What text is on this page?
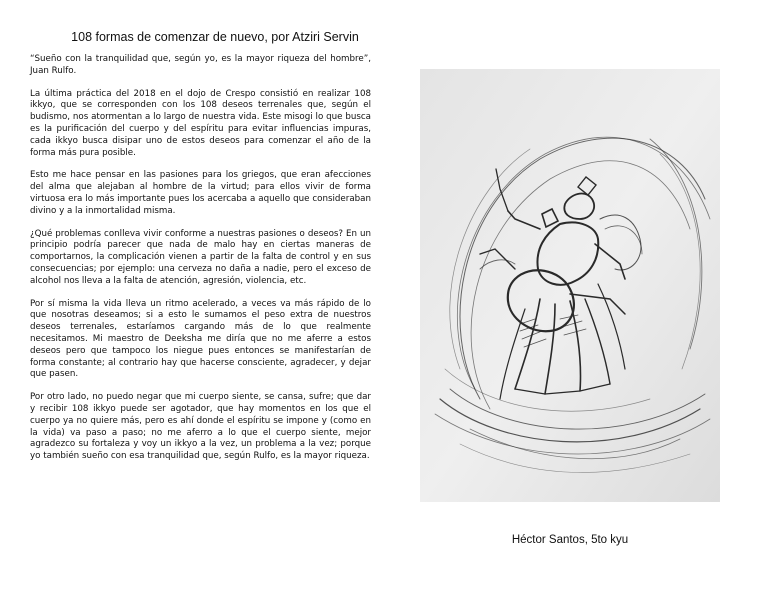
108 formas de comenzar de nuevo, por Atziri Servin

“Sueño con la tranquilidad que, según yo, es la mayor riqueza del hombre”, Juan Rulfo.

La última práctica del 2018 en el dojo de Crespo consistió en realizar 108 ikkyo, que se corresponden con los 108 deseos terrenales que, según el budismo, nos atormentan a lo largo de nuestra vida. Este misogi lo que busca es la purificación del cuerpo y del espíritu para evitar influencias impuras, cada ikkyo busca disipar uno de estos deseos para comenzar el año de la forma más pura posible.

Esto me hace pensar en las pasiones para los griegos, que eran afecciones del alma que alejaban al hombre de la virtud; para ellos vivir de forma virtuosa era lo más importante pues los acercaba a aquello que consideraban divino y a la inmortalidad misma.

¿Qué problemas conlleva vivir conforme a nuestras pasiones o deseos? En un principio podría parecer que nada de malo hay en ciertas maneras de comportarnos, la complicación vienen a partir de la falta de control y en sus consecuencias; por ejemplo: una cerveza no daña a nadie, pero el exceso de alcohol nos lleva a la falta de atención, agresión, violencia, etc.

Por sí misma la vida lleva un ritmo acelerado, a veces va más rápido de lo que nosotras deseamos; si a esto le sumamos el peso extra de nuestros deseos terrenales, estaríamos cargando más de lo que realmente necesitamos. Mi maestro de Deeksha me diría que no me aferre a estos deseos pero que tampoco los niegue pues entonces se manifestarían de forma constante; al contrario hay que hacerse consciente, agradecer, y dejar que pasen.

Por otro lado, no puedo negar que mi cuerpo siente, se cansa, sufre; que dar y recibir 108 ikkyo puede ser agotador, que hay momentos en los que el cuerpo ya no quiere más, pero es ahí donde el espíritu se impone y (como en la vida) va paso a paso; no me aferro a lo que el cuerpo siente, mejor agradezco su fortaleza y voy un ikkyo a la vez, un problema a la vez; porque yo también sueño con esa tranquilidad que, según Rulfo, es la mayor riqueza.

Héctor Santos, 5to kyu
